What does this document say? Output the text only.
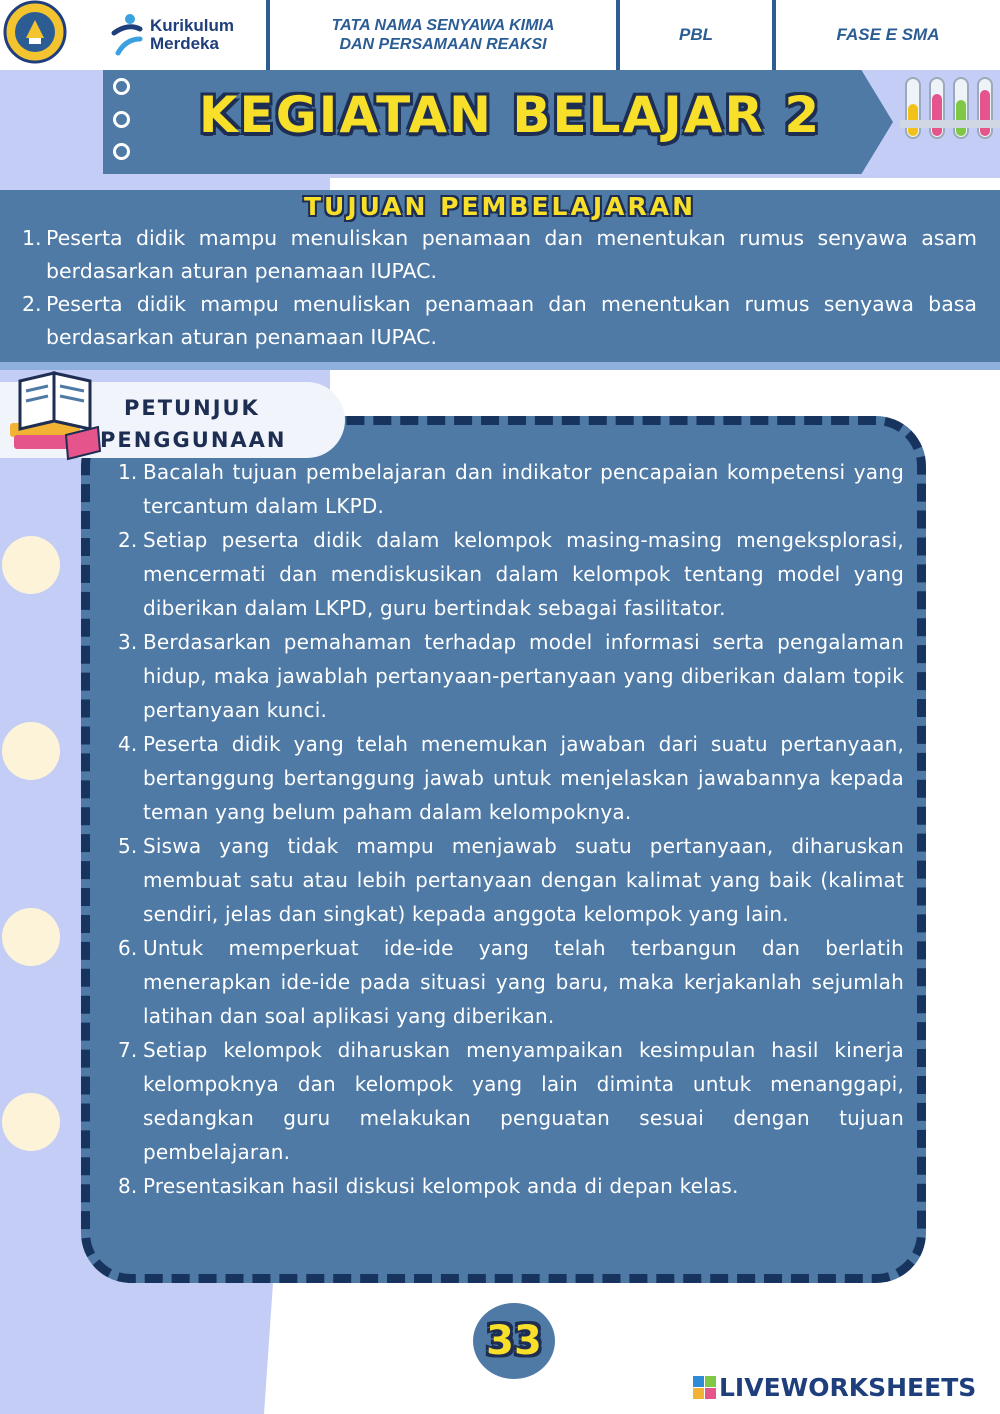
Kurikulum
Merdeka
TATA NAMA SENYAWA KIMIA
DAN PERSAMAAN REAKSI
PBL	FASE E SMA
KEGIATAN BELAJAR 2
TUJUAN PEMBELAJARAN
1. Peserta didik mampu menuliskan penamaan dan menentukan rumus senyawa asam berdasarkan aturan penamaan IUPAC.
2. Peserta didik mampu menuliskan penamaan dan menentukan rumus senyawa basa berdasarkan aturan penamaan IUPAC.
PETUNJUK
PENGGUNAAN
1. Bacalah tujuan pembelajaran dan indikator pencapaian kompetensi yang tercantum dalam LKPD.
2. Setiap peserta didik dalam kelompok masing-masing mengeksplorasi, mencermati dan mendiskusikan dalam kelompok tentang model yang diberikan dalam LKPD, guru bertindak sebagai fasilitator.
3. Berdasarkan pemahaman terhadap model informasi serta pengalaman hidup, maka jawablah pertanyaan-pertanyaan yang diberikan dalam topik pertanyaan kunci.
4. Peserta didik yang telah menemukan jawaban dari suatu pertanyaan, bertanggung bertanggung jawab untuk menjelaskan jawabannya kepada teman yang belum paham dalam kelompoknya.
5. Siswa yang tidak mampu menjawab suatu pertanyaan, diharuskan membuat satu atau lebih pertanyaan dengan kalimat yang baik (kalimat sendiri, jelas dan singkat) kepada anggota kelompok yang lain.
6. Untuk memperkuat ide-ide yang telah terbangun dan berlatih menerapkan ide-ide pada situasi yang baru, maka kerjakanlah sejumlah latihan dan soal aplikasi yang diberikan.
7. Setiap kelompok diharuskan menyampaikan kesimpulan hasil kinerja kelompoknya dan kelompok yang lain diminta untuk menanggapi, sedangkan guru melakukan penguatan sesuai dengan tujuan pembelajaran.
8. Presentasikan hasil diskusi kelompok anda di depan kelas.
33
LIVEWORKSHEETS
